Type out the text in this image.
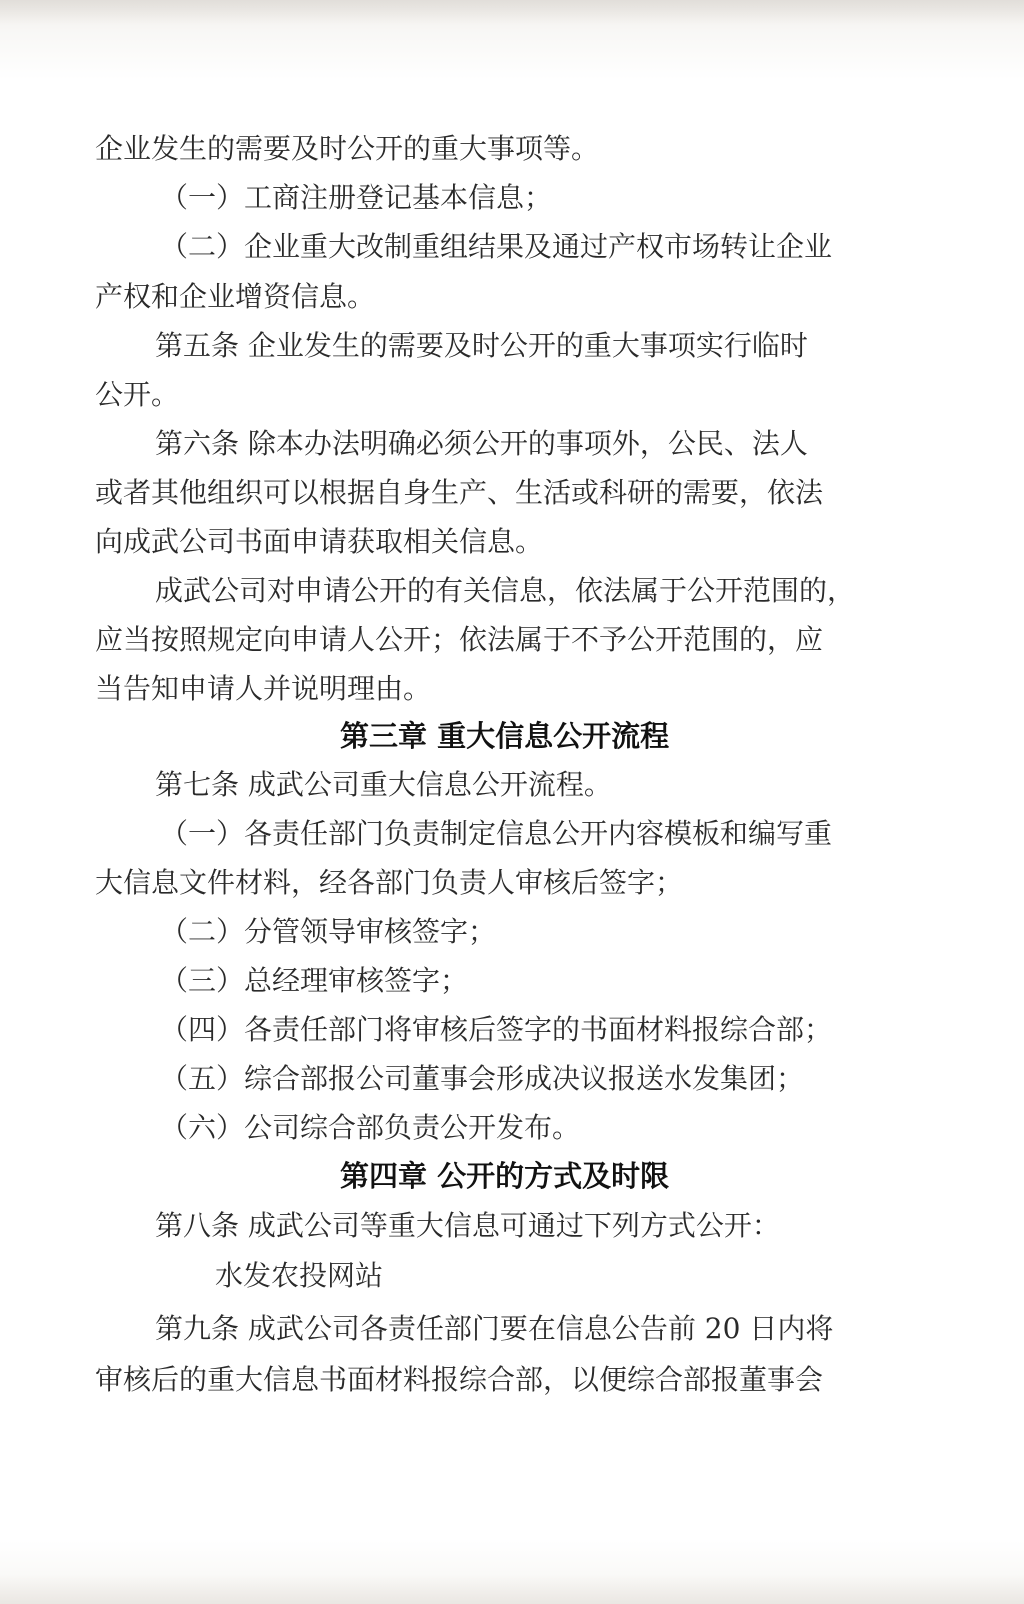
企业发生的需要及时公开的重大事项等。
（一）工商注册登记基本信息；
（二）企业重大改制重组结果及通过产权市场转让企业
产权和企业增资信息。
第五条 企业发生的需要及时公开的重大事项实行临时
公开。
第六条 除本办法明确必须公开的事项外，公民、法人
或者其他组织可以根据自身生产、生活或科研的需要，依法
向成武公司书面申请获取相关信息。
成武公司对申请公开的有关信息，依法属于公开范围的，
应当按照规定向申请人公开；依法属于不予公开范围的，应
当告知申请人并说明理由。
第三章 重大信息公开流程
第七条 成武公司重大信息公开流程。
（一）各责任部门负责制定信息公开内容模板和编写重
大信息文件材料，经各部门负责人审核后签字；
（二）分管领导审核签字；
（三）总经理审核签字；
（四）各责任部门将审核后签字的书面材料报综合部；
（五）综合部报公司董事会形成决议报送水发集团；
（六）公司综合部负责公开发布。
第四章 公开的方式及时限
第八条 成武公司等重大信息可通过下列方式公开：
水发农投网站
第九条 成武公司各责任部门要在信息公告前 20 日内将
审核后的重大信息书面材料报综合部，以便综合部报董事会
